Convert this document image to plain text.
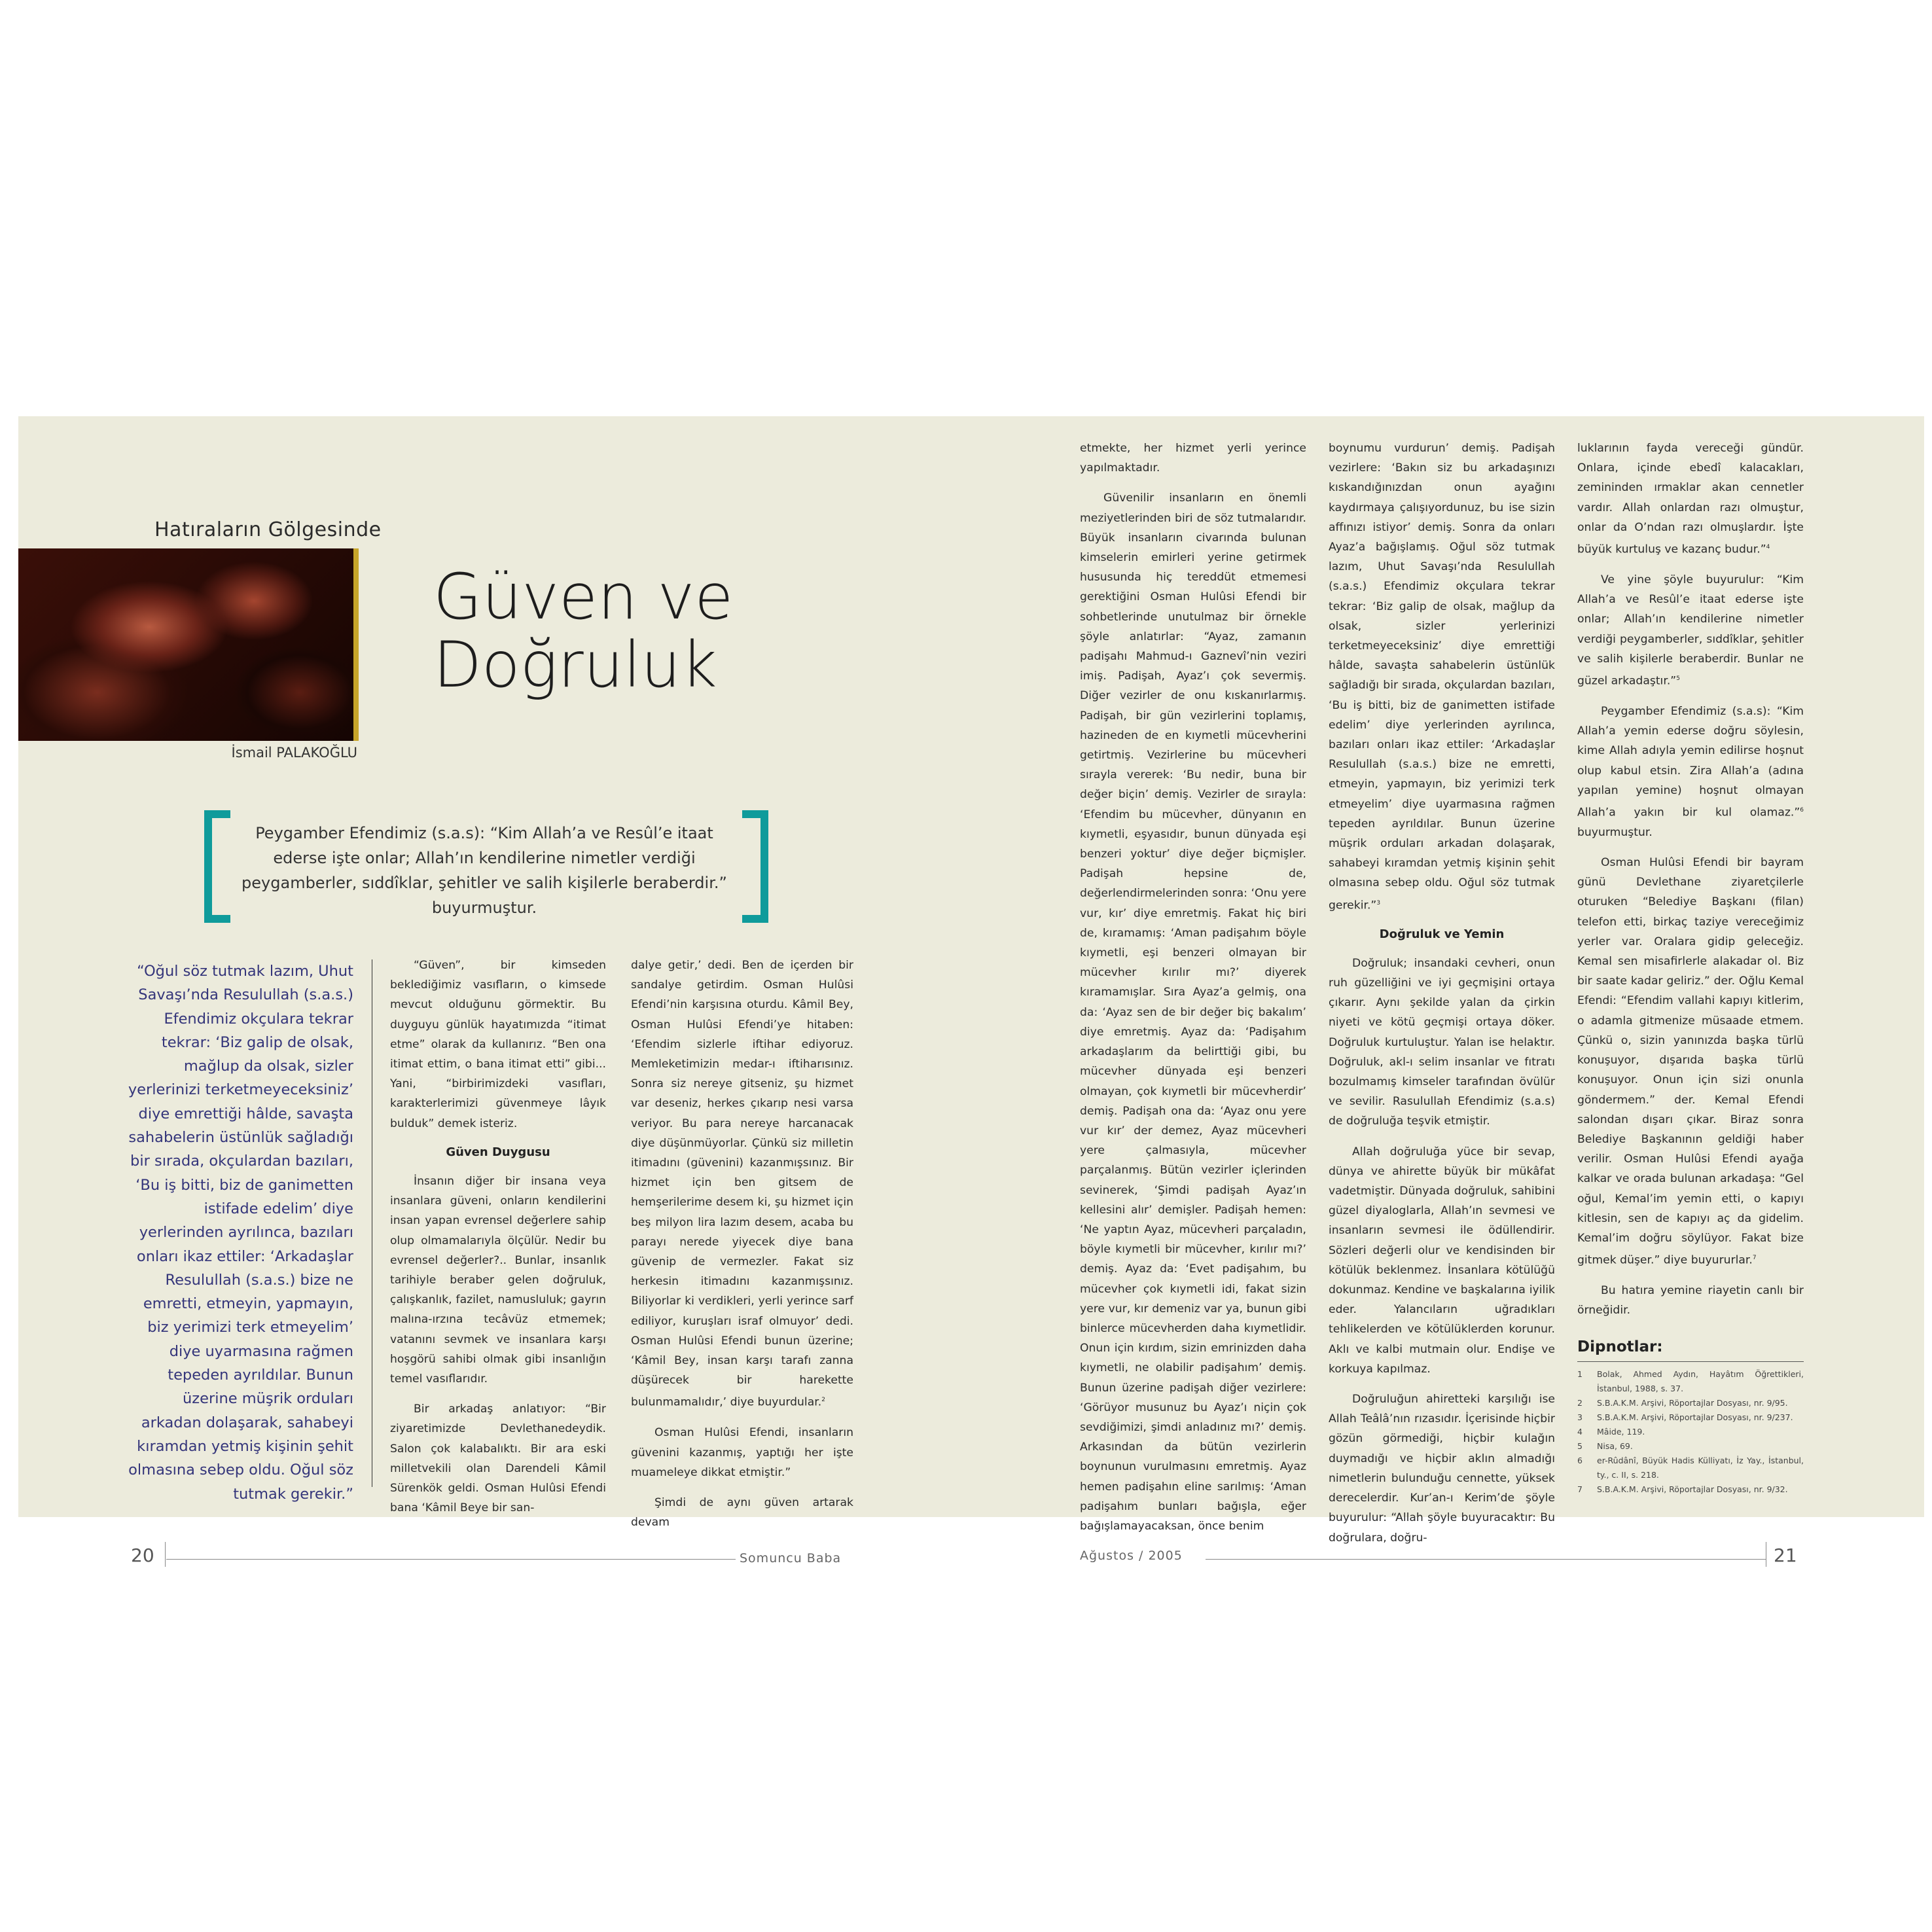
Hatıraların Gölgesinde
İsmail PALAKOĞLU
Güven ve
Doğruluk
Peygamber Efendimiz (s.a.s): “Kim Allah’a ve Resûl’e itaat ederse işte onlar; Allah’ın kendilerine nimetler verdiği peygamberler, sıddîklar, şehitler ve salih kişilerle beraberdir.” buyurmuştur.
“Oğul söz tutmak lazım, Uhut Savaşı’nda Resulullah (s.a.s.) Efendimiz okçulara tekrar tekrar: ‘Biz galip de olsak, mağlup da olsak, sizler yerlerinizi terketmeyeceksiniz’ diye emrettiği hâlde, savaşta sahabelerin üstünlük sağladığı bir sırada, okçulardan bazıları, ‘Bu iş bitti, biz de ganimetten istifade edelim’ diye yerlerinden ayrılınca, bazıları onları ikaz ettiler: ‘Arkadaşlar Resulullah (s.a.s.) bize ne emretti, etmeyin, yapmayın, biz yerimizi terk etmeyelim’ diye uyarmasına rağmen tepeden ayrıldılar. Bunun üzerine müşrik orduları arkadan dolaşarak, sahabeyi kıramdan yetmiş kişinin şehit olmasına sebep oldu. Oğul söz tutmak gerekir.”

“Güven”, bir kimseden beklediğimiz vasıfların, o kimsede mevcut olduğunu görmektir. Bu duyguyu günlük hayatımızda “itimat etme” olarak da kullanırız. “Ben ona itimat ettim, o bana itimat etti” gibi... Yani, “birbirimizdeki vasıfları, karakterlerimizi güvenmeye lâyık bulduk” demek isteriz.

Güven Duygusu

İnsanın diğer bir insana veya insanlara güveni, onların kendilerini insan yapan evrensel değerlere sahip olup olmamalarıyla ölçülür. Nedir bu evrensel değerler?.. Bunlar, insanlık tarihiyle beraber gelen doğruluk, çalışkanlık, fazilet, namusluluk; gayrın malına-ırzına tecâvüz etmemek; vatanını sevmek ve insanlara karşı hoşgörü sahibi olmak gibi insanlığın temel vasıflarıdır.

Bir arkadaş anlatıyor: “Bir ziyaretimizde Devlethanedeydik. Salon çok kalabalıktı. Bir ara eski milletvekili olan Darendeli Kâmil Sürenkök geldi. Osman Hulûsi Efendi bana ‘Kâmil Beye bir san-

dalye getir,’ dedi. Ben de içerden bir sandalye getirdim. Osman Hulûsi Efendi’nin karşısına oturdu. Kâmil Bey, Osman Hulûsi Efendi’ye hitaben: ‘Efendim sizlerle iftihar ediyoruz. Memleketimizin medar-ı iftiharısınız. Sonra siz nereye gitseniz, şu hizmet var deseniz, herkes çıkarıp nesi varsa veriyor. Bu para nereye harcanacak diye düşünmüyorlar. Çünkü siz milletin itimadını (güvenini) kazanmışsınız. Bir hizmet için ben gitsem de hemşerilerime desem ki, şu hizmet için beş milyon lira lazım desem, acaba bu parayı nerede yiyecek diye bana güvenip de vermezler. Fakat siz herkesin itimadını kazanmışsınız. Biliyorlar ki verdikleri, yerli yerince sarf ediliyor, kuruşları israf olmuyor’ dedi. Osman Hulûsi Efendi bunun üzerine; ‘Kâmil Bey, insan karşı tarafı zanna düşürecek bir harekette bulunmamalıdır,’ diye buyurdular.$^2$

Osman Hulûsi Efendi, insanların güvenini kazanmış, yaptığı her işte muameleye dikkat etmiştir.”

Şimdi de aynı güven artarak devam

etmekte, her hizmet yerli yerince yapılmaktadır.

Güvenilir insanların en önemli meziyetlerinden biri de söz tutmalarıdır. Büyük insanların civarında bulunan kimselerin emirleri yerine getirmek hususunda hiç tereddüt etmemesi gerektiğini Osman Hulûsi Efendi bir sohbetlerinde unutulmaz bir örnekle şöyle anlatırlar: “Ayaz, zamanın padişahı Mahmud-ı Gaznevî’nin veziri imiş. Padişah, Ayaz’ı çok severmiş. Diğer vezirler de onu kıskanırlarmış. Padişah, bir gün vezirlerini toplamış, hazineden de en kıymetli mücevherini getirtmiş. Vezirlerine bu mücevheri sırayla vererek: ‘Bu nedir, buna bir değer biçin’ demiş. Vezirler de sırayla: ‘Efendim bu mücevher, dünyanın en kıymetli, eşyasıdır, bunun dünyada eşi benzeri yoktur’ diye değer biçmişler. Padişah hepsine de, değerlendirmelerinden sonra: ‘Onu yere vur, kır’ diye emretmiş. Fakat hiç biri de, kıramamış: ‘Aman padişahım böyle kıymetli, eşi benzeri olmayan bir mücevher kırılır mı?’ diyerek kıramamışlar. Sıra Ayaz’a gelmiş, ona da: ‘Ayaz sen de bir değer biç bakalım’ diye emretmiş. Ayaz da: ‘Padişahım arkadaşlarım da belirttiği gibi, bu mücevher dünyada eşi benzeri olmayan, çok kıymetli bir mücevherdir’ demiş. Padişah ona da: ‘Ayaz onu yere vur kır’ der demez, Ayaz mücevheri yere çalmasıyla, mücevher parçalanmış. Bütün vezirler içlerinden sevinerek, ‘Şimdi padişah Ayaz’ın kellesini alır’ demişler. Padişah hemen: ‘Ne yaptın Ayaz, mücevheri parçaladın, böyle kıymetli bir mücevher, kırılır mı?’ demiş. Ayaz da: ‘Evet padişahım, bu mücevher çok kıymetli idi, fakat sizin yere vur, kır demeniz var ya, bunun gibi binlerce mücevherden daha kıymetlidir. Onun için kırdım, sizin emrinizden daha kıymetli, ne olabilir padişahım’ demiş. Bunun üzerine padişah diğer vezirlere: ‘Görüyor musunuz bu Ayaz’ı niçin çok sevdiğimizi, şimdi anladınız mı?’ demiş. Arkasından da bütün vezirlerin boynunun vurulmasını emretmiş. Ayaz hemen padişahın eline sarılmış: ‘Aman padişahım bunları bağışla, eğer bağışlamayacaksan, önce benim

boynumu vurdurun’ demiş. Padişah vezirlere: ‘Bakın siz bu arkadaşınızı kıskandığınızdan onun ayağını kaydırmaya çalışıyordunuz, bu ise sizin affınızı istiyor’ demiş. Sonra da onları Ayaz’a bağışlamış. Oğul söz tutmak lazım, Uhut Savaşı’nda Resulullah (s.a.s.) Efendimiz okçulara tekrar tekrar: ‘Biz galip de olsak, mağlup da olsak, sizler yerlerinizi terketmeyeceksiniz’ diye emrettiği hâlde, savaşta sahabelerin üstünlük sağladığı bir sırada, okçulardan bazıları, ‘Bu iş bitti, biz de ganimetten istifade edelim’ diye yerlerinden ayrılınca, bazıları onları ikaz ettiler: ‘Arkadaşlar Resulullah (s.a.s.) bize ne emretti, etmeyin, yapmayın, biz yerimizi terk etmeyelim’ diye uyarmasına rağmen tepeden ayrıldılar. Bunun üzerine müşrik orduları arkadan dolaşarak, sahabeyi kıramdan yetmiş kişinin şehit olmasına sebep oldu. Oğul söz tutmak gerekir.”$^3$

Doğruluk ve Yemin

Doğruluk; insandaki cevheri, onun ruh güzelliğini ve iyi geçmişini ortaya çıkarır. Aynı şekilde yalan da çirkin niyeti ve kötü geçmişi ortaya döker. Doğruluk kurtuluştur. Yalan ise helaktır. Doğruluk, akl-ı selim insanlar ve fıtratı bozulmamış kimseler tarafından övülür ve sevilir. Rasulullah Efendimiz (s.a.s) de doğruluğa teşvik etmiştir.

Allah doğruluğa yüce bir sevap, dünya ve ahirette büyük bir mükâfat vadetmiştir. Dünyada doğruluk, sahibini güzel diyaloglarla, Allah’ın sevmesi ve insanların sevmesi ile ödüllendirir. Sözleri değerli olur ve kendisinden bir kötülük beklenmez. İnsanlara kötülüğü dokunmaz. Kendine ve başkalarına iyilik eder. Yalancıların uğradıkları tehlikelerden ve kötülüklerden korunur. Aklı ve kalbi mutmain olur. Endişe ve korkuya kapılmaz.

Doğruluğun ahiretteki karşılığı ise Allah Teâlâ’nın rızasıdır. İçerisinde hiçbir gözün görmediği, hiçbir kulağın duymadığı ve hiçbir aklın almadığı nimetlerin bulunduğu cennette, yüksek derecelerdir. Kur’an-ı Kerim’de şöyle buyurulur: “Allah şöyle buyuracaktır: Bu doğrulara, doğru-

luklarının fayda vereceği gündür. Onlara, içinde ebedî kalacakları, zemininden ırmaklar akan cennetler vardır. Allah onlardan razı olmuştur, onlar da O’ndan razı olmuşlardır. İşte büyük kurtuluş ve kazanç budur.”$^4$

Ve yine şöyle buyurulur: “Kim Allah’a ve Resûl’e itaat ederse işte onlar; Allah’ın kendilerine nimetler verdiği peygamberler, sıddîklar, şehitler ve salih kişilerle beraberdir. Bunlar ne güzel arkadaştır.”$^5$

Peygamber Efendimiz (s.a.s): “Kim Allah’a yemin ederse doğru söylesin, kime Allah adıyla yemin edilirse hoşnut olup kabul etsin. Zira Allah’a (adına yapılan yemine) hoşnut olmayan Allah’a yakın bir kul olamaz.”$^6$ buyurmuştur.

Osman Hulûsi Efendi bir bayram günü Devlethane ziyaretçilerle oturuken “Belediye Başkanı (filan) telefon etti, birkaç taziye vereceğimiz yerler var. Oralara gidip geleceğiz. Kemal sen misafirlerle alakadar ol. Biz bir saate kadar geliriz.” der. Oğlu Kemal Efendi: “Efendim vallahi kapıyı kitlerim, o adamla gitmenize müsaade etmem. Çünkü o, sizin yanınızda başka türlü konuşuyor, dışarıda başka türlü konuşuyor. Onun için sizi onunla göndermem.” der. Kemal Efendi salondan dışarı çıkar. Biraz sonra Belediye Başkanının geldiği haber verilir. Osman Hulûsi Efendi ayağa kalkar ve orada bulunan arkadaşa: “Gel oğul, Kemal’im yemin etti, o kapıyı kitlesin, sen de kapıyı aç da gidelim. Kemal’im doğru söylüyor. Fakat bize gitmek düşer.” diye buyururlar.$^7$

Bu hatıra yemine riayetin canlı bir örneğidir.

Dipnotlar:
1 Bolak, Ahmed Aydın, Hayâtım Öğrettikleri, İstanbul, 1988, s. 37.
2 S.B.A.K.M. Arşivi, Röportajlar Dosyası, nr. 9/95.
3 S.B.A.K.M. Arşivi, Röportajlar Dosyası, nr. 9/237.
4 Mâide, 119.
5 Nisa, 69.
6 er-Rûdânî, Büyük Hadis Külliyatı, İz Yay., İstanbul, ty., c. II, s. 218.
7 S.B.A.K.M. Arşivi, Röportajlar Dosyası, nr. 9/32.
20	Somuncu Baba	Ağustos / 2005	21
